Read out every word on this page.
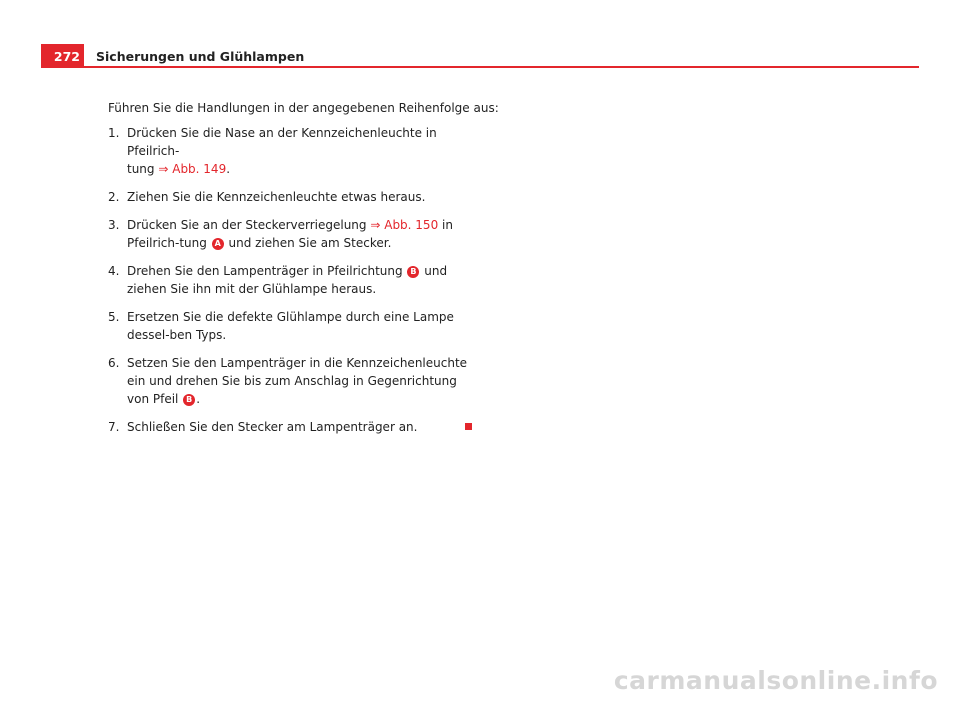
272	Sicherungen und Glühlampen

Führen Sie die Handlungen in der angegebenen Reihenfolge aus:

1. Drücken Sie die Nase an der Kennzeichenleuchte in Pfeilrich-
tung ⇒ Abb. 149.
2. Ziehen Sie die Kennzeichenleuchte etwas heraus.
3. Drücken Sie an der Steckerverriegelung ⇒ Abb. 150 in Pfeilrich-tung A und ziehen Sie am Stecker.
4. Drehen Sie den Lampenträger in Pfeilrichtung B und ziehen Sie ihn mit der Glühlampe heraus.
5. Ersetzen Sie die defekte Glühlampe durch eine Lampe dessel-ben Typs.
6. Setzen Sie den Lampenträger in die Kennzeichenleuchte ein und drehen Sie bis zum Anschlag in Gegenrichtung von Pfeil B .
7. Schließen Sie den Stecker am Lampenträger an.
carmanualsonline.info
